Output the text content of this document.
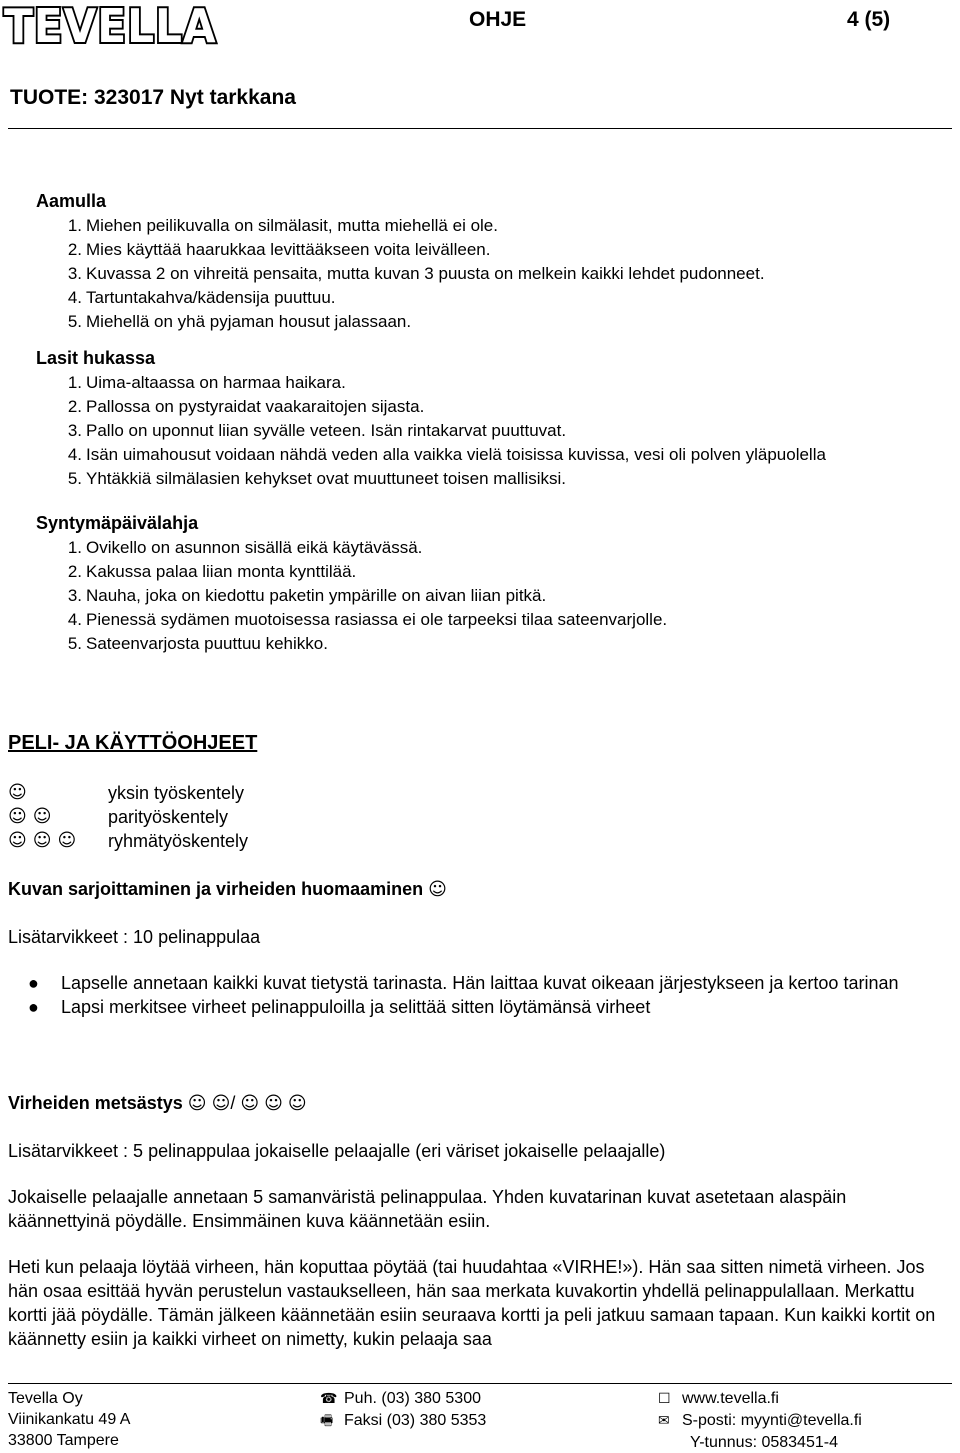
TEVELLA	OHJE	4 (5)
TUOTE: 323017 Nyt tarkkana
Aamulla
1. Miehen peilikuvalla on silmälasit, mutta miehellä ei ole.
2. Mies käyttää haarukkaa levittääkseen voita leivälleen.
3. Kuvassa 2 on vihreitä pensaita, mutta kuvan 3 puusta on melkein kaikki lehdet pudonneet.
4. Tartuntakahva/kädensija puuttuu.
5. Miehellä on yhä pyjaman housut jalassaan.
Lasit hukassa
1. Uima-altaassa on harmaa haikara.
2. Pallossa on pystyraidat vaakaraitojen sijasta.
3. Pallo on uponnut liian syvälle veteen. Isän rintakarvat puuttuvat.
4. Isän uimahousut voidaan nähdä veden alla vaikka vielä toisissa kuvissa, vesi oli polven yläpuolella
5. Yhtäkkiä silmälasien kehykset ovat muuttuneet toisen mallisiksi.
Syntymäpäivälahja
1. Ovikello on asunnon sisällä eikä käytävässä.
2. Kakussa palaa liian monta kynttilää.
3. Nauha, joka on kiedottu paketin ympärille on aivan liian pitkä.
4. Pienessä sydämen muotoisessa rasiassa ei ole tarpeeksi tilaa sateenvarjolle.
5. Sateenvarjosta puuttuu kehikko.
PELI- JA KÄYTTÖOHJEET
☺	yksin työskentely
☺ ☺	parityöskentely
☺ ☺ ☺ ryhmätyöskentely
Kuvan sarjoittaminen ja virheiden huomaaminen ☺
Lisätarvikkeet : 10 pelinappulaa
●	Lapselle annetaan kaikki kuvat tietystä tarinasta. Hän laittaa kuvat oikeaan järjestykseen ja kertoo tarinan
●	Lapsi merkitsee virheet pelinappuloilla ja selittää sitten löytämänsä virheet
Virheiden metsästys ☺ ☺/ ☺ ☺ ☺
Lisätarvikkeet : 5 pelinappulaa jokaiselle pelaajalle (eri väriset jokaiselle pelaajalle)
Jokaiselle pelaajalle annetaan 5 samanväristä pelinappulaa. Yhden kuvatarinan kuvat asetetaan alaspäin käännettyinä pöydälle. Ensimmäinen kuva käännetään esiin.
Heti kun pelaaja löytää virheen, hän koputtaa pöytää (tai huudahtaa «VIRHE!»). Hän saa sitten nimetä virheen. Jos hän osaa esittää hyvän perustelun vastaukselleen, hän saa merkata kuvakortin yhdellä pelinappulallaan. Merkattu kortti jää pöydälle. Tämän jälkeen käännetään esiin seuraava kortti ja peli jatkuu samaan tapaan. Kun kaikki kortit on käännetty esiin ja kaikki virheet on nimetty, kukin pelaaja saa
Tevella Oy
Viinikankatu 49 A
33800 Tampere
☎ Puh. (03) 380 5300
🖷 Faksi (03) 380 5353
☐ www.tevella.fi
✉ S-posti: myynti@tevella.fi
Y-tunnus: 0583451-4
